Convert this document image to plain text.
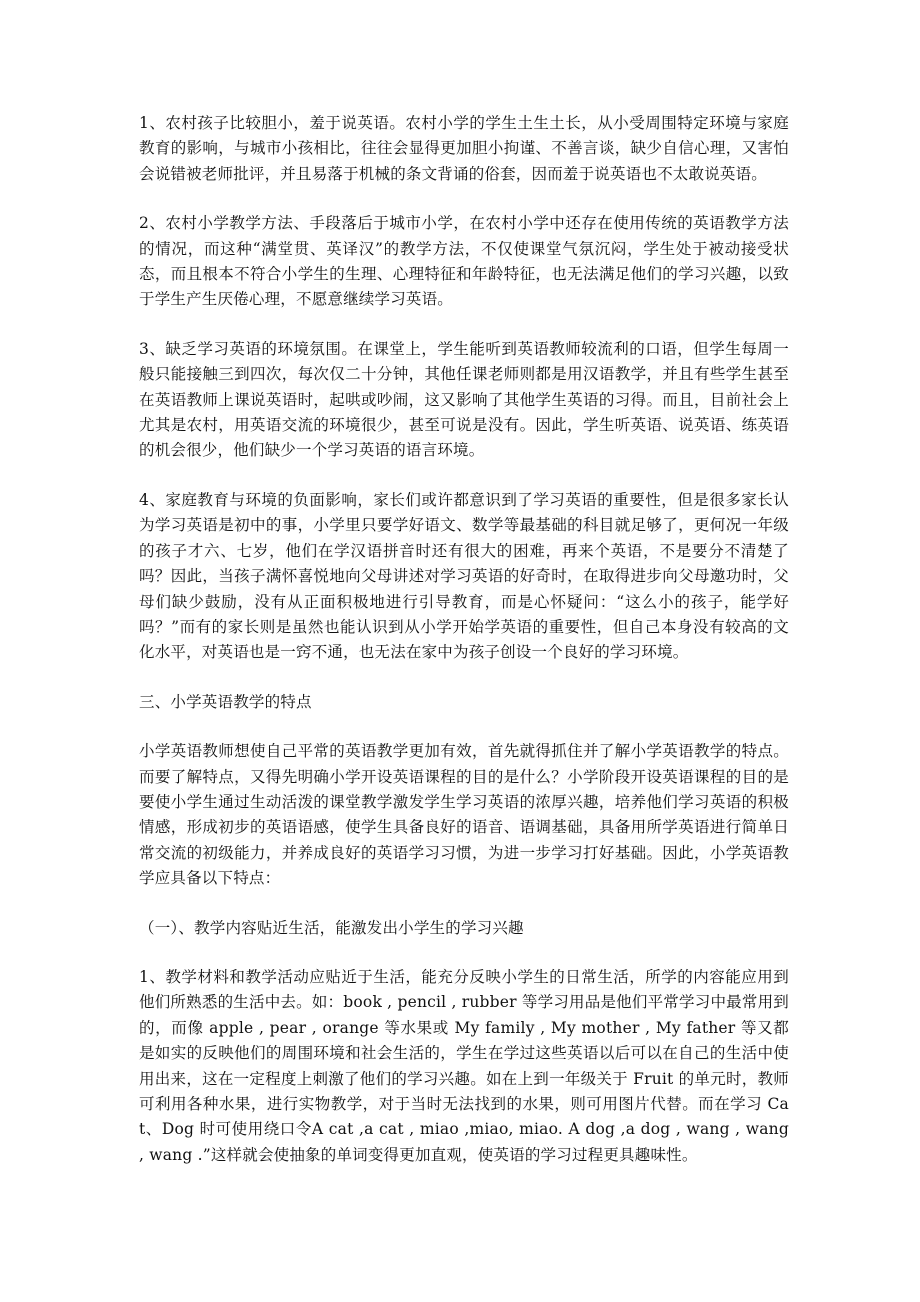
1、农村孩子比较胆小，羞于说英语。农村小学的学生土生土长，从小受周围特定环境与家庭教育的影响，与城市小孩相比，往往会显得更加胆小拘谨、不善言谈，缺少自信心理，又害怕会说错被老师批评，并且易落于机械的条文背诵的俗套，因而羞于说英语也不太敢说英语。

2、农村小学教学方法、手段落后于城市小学，在农村小学中还存在使用传统的英语教学方法的情况，而这种“满堂贯、英译汉”的教学方法，不仅使课堂气氛沉闷，学生处于被动接受状态，而且根本不符合小学生的生理、心理特征和年龄特征，也无法满足他们的学习兴趣，以致于学生产生厌倦心理，不愿意继续学习英语。

3、缺乏学习英语的环境氛围。在课堂上，学生能听到英语教师较流利的口语，但学生每周一般只能接触三到四次，每次仅二十分钟，其他任课老师则都是用汉语教学，并且有些学生甚至在英语教师上课说英语时，起哄或吵闹，这又影响了其他学生英语的习得。而且，目前社会上尤其是农村，用英语交流的环境很少，甚至可说是没有。因此，学生听英语、说英语、练英语的机会很少，他们缺少一个学习英语的语言环境。

4、家庭教育与环境的负面影响，家长们或许都意识到了学习英语的重要性，但是很多家长认为学习英语是初中的事，小学里只要学好语文、数学等最基础的科目就足够了，更何况一年级的孩子才六、七岁，他们在学汉语拼音时还有很大的困难，再来个英语，不是要分不清楚了吗？因此，当孩子满怀喜悦地向父母讲述对学习英语的好奇时，在取得进步向父母邀功时，父母们缺少鼓励，没有从正面积极地进行引导教育，而是心怀疑问：“这么小的孩子，能学好吗？”而有的家长则是虽然也能认识到从小学开始学英语的重要性，但自己本身没有较高的文化水平，对英语也是一窍不通，也无法在家中为孩子创设一个良好的学习环境。

三、小学英语教学的特点

小学英语教师想使自己平常的英语教学更加有效，首先就得抓住并了解小学英语教学的特点。而要了解特点，又得先明确小学开设英语课程的目的是什么？小学阶段开设英语课程的目的是要使小学生通过生动活泼的课堂教学激发学生学习英语的浓厚兴趣，培养他们学习英语的积极情感，形成初步的英语语感，使学生具备良好的语音、语调基础，具备用所学英语进行简单日常交流的初级能力，并养成良好的英语学习习惯，为进一步学习打好基础。因此，小学英语教学应具备以下特点：

（一）、教学内容贴近生活，能激发出小学生的学习兴趣

1、教学材料和教学活动应贴近于生活，能充分反映小学生的日常生活，所学的内容能应用到他们所熟悉的生活中去。如：book , pencil , rubber 等学习用品是他们平常学习中最常用到的，而像 apple , pear , orange 等水果或 My family , My mother , My father 等又都是如实的反映他们的周围环境和社会生活的，学生在学过这些英语以后可以在自己的生活中使用出来，这在一定程度上刺激了他们的学习兴趣。如在上到一年级关于 Fruit 的单元时，教师可利用各种水果，进行实物教学，对于当时无法找到的水果，则可用图片代替。而在学习 Cat、Dog 时可使用绕口令A cat ,a cat , miao ,miao, miao. A dog ,a dog , wang , wang , wang .”这样就会使抽象的单词变得更加直观，使英语的学习过程更具趣味性。
